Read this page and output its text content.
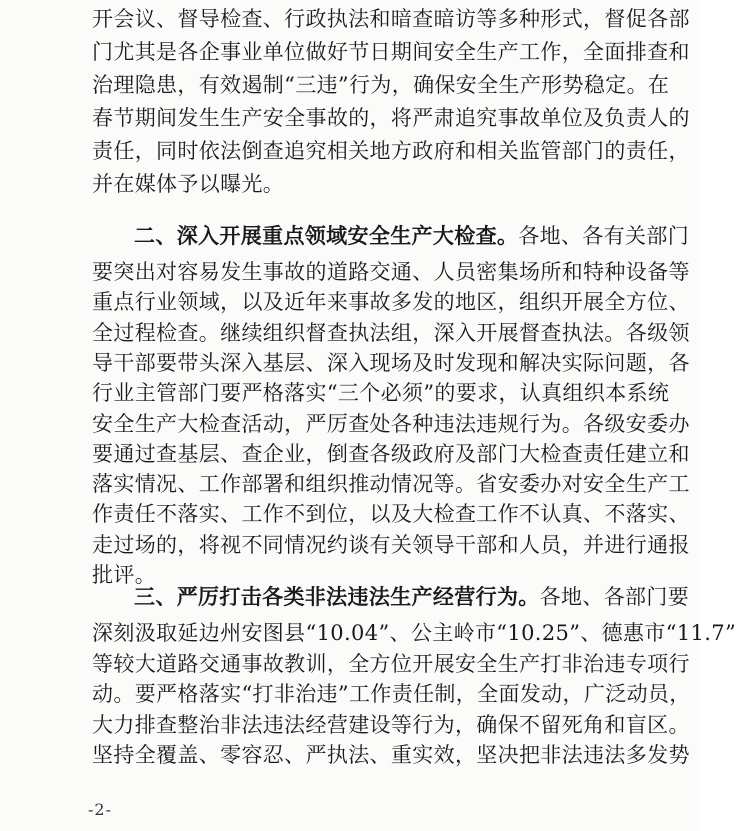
开会议、督导检查、行政执法和暗查暗访等多种形式，督促各部
门尤其是各企事业单位做好节日期间安全生产工作，全面排查和
治理隐患，有效遏制“三违”行为，确保安全生产形势稳定。在
春节期间发生生产安全事故的，将严肃追究事故单位及负责人的
责任，同时依法倒查追究相关地方政府和相关监管部门的责任，
并在媒体予以曝光。
二、深入开展重点领域安全生产大检查。各地、各有关部门
要突出对容易发生事故的道路交通、人员密集场所和特种设备等
重点行业领域，以及近年来事故多发的地区，组织开展全方位、
全过程检查。继续组织督查执法组，深入开展督查执法。各级领
导干部要带头深入基层、深入现场及时发现和解决实际问题，各
行业主管部门要严格落实“三个必须”的要求，认真组织本系统
安全生产大检查活动，严厉查处各种违法违规行为。各级安委办
要通过查基层、查企业，倒查各级政府及部门大检查责任建立和
落实情况、工作部署和组织推动情况等。省安委办对安全生产工
作责任不落实、工作不到位，以及大检查工作不认真、不落实、
走过场的，将视不同情况约谈有关领导干部和人员，并进行通报
批评。
三、严厉打击各类非法违法生产经营行为。各地、各部门要
深刻汲取延边州安图县“10.04”、公主岭市“10.25”、德惠市“11.7”
等较大道路交通事故教训，全方位开展安全生产打非治违专项行
动。要严格落实“打非治违”工作责任制，全面发动，广泛动员，
大力排查整治非法违法经营建设等行为，确保不留死角和盲区。
坚持全覆盖、零容忍、严执法、重实效，坚决把非法违法多发势
-2-
